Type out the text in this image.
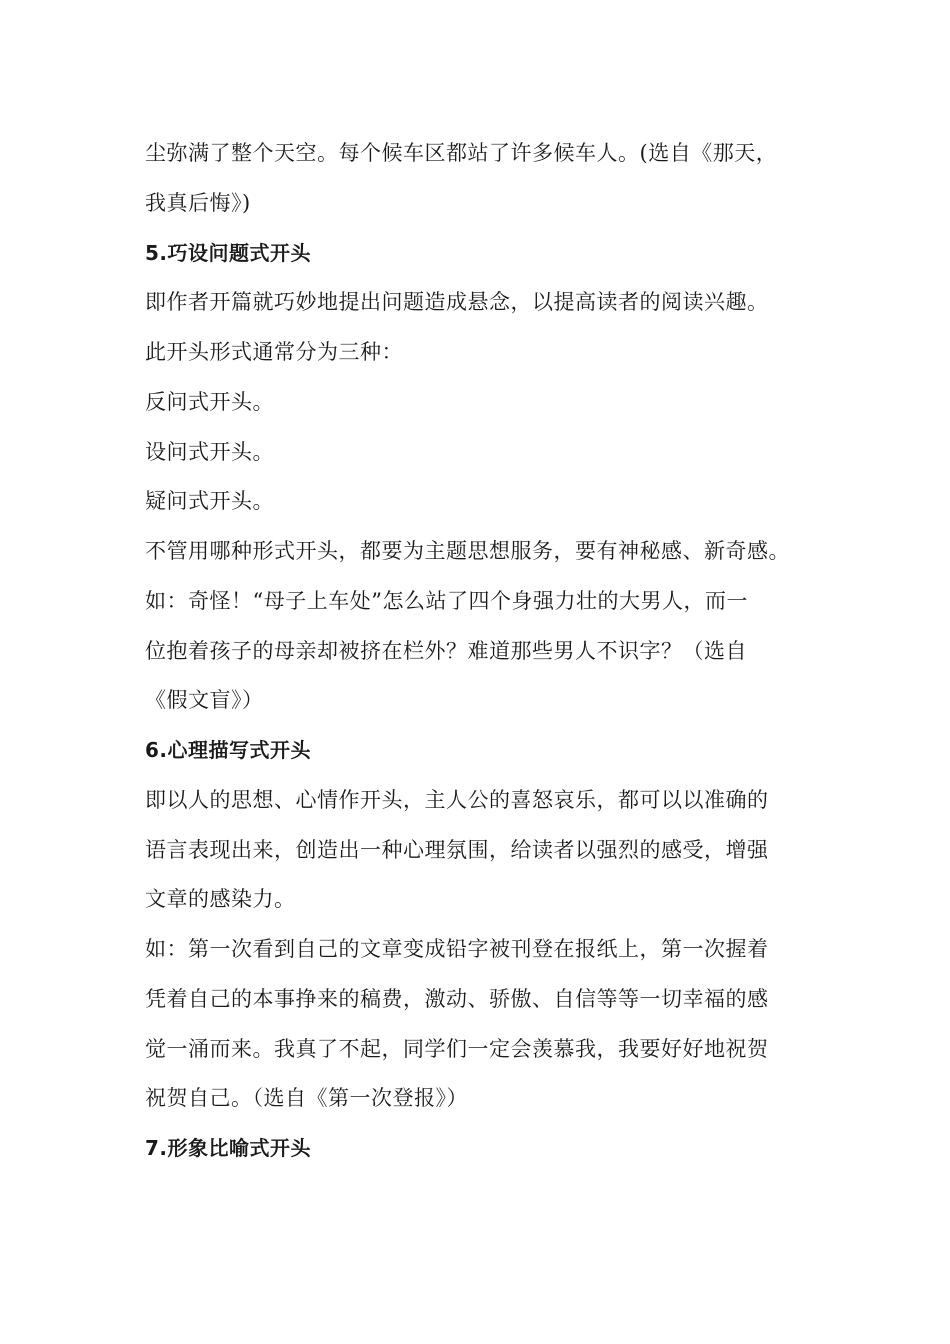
尘弥满了整个天空。每个候车区都站了许多候车人。(选自《那天，
我真后悔》)
5.巧设问题式开头
即作者开篇就巧妙地提出问题造成悬念，以提高读者的阅读兴趣。
此开头形式通常分为三种：
反问式开头。
设问式开头。
疑问式开头。
不管用哪种形式开头，都要为主题思想服务，要有神秘感、新奇感。
如：奇怪！“母子上车处”怎么站了四个身强力壮的大男人，而一
位抱着孩子的母亲却被挤在栏外？难道那些男人不识字？（选自
《假文盲》）
6.心理描写式开头
即以人的思想、心情作开头，主人公的喜怒哀乐，都可以以准确的
语言表现出来，创造出一种心理氛围，给读者以强烈的感受，增强
文章的感染力。
如：第一次看到自己的文章变成铅字被刊登在报纸上，第一次握着
凭着自己的本事挣来的稿费，激动、骄傲、自信等等一切幸福的感
觉一涌而来。我真了不起，同学们一定会羡慕我，我要好好地祝贺
祝贺自己。（选自《第一次登报》）
7.形象比喻式开头
